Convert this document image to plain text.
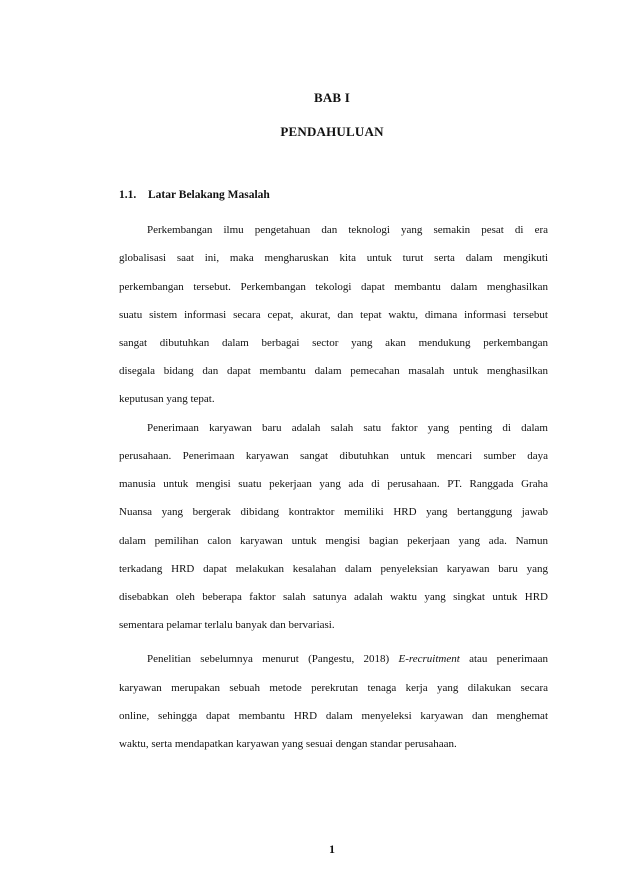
BAB I
PENDAHULUAN
1.1. Latar Belakang Masalah
Perkembangan ilmu pengetahuan dan teknologi yang semakin pesat di era
globalisasi saat ini, maka mengharuskan kita untuk turut serta dalam mengikuti
perkembangan tersebut. Perkembangan tekologi dapat membantu dalam menghasilkan
suatu sistem informasi secara cepat, akurat, dan tepat waktu, dimana informasi tersebut
sangat dibutuhkan dalam berbagai sector yang akan mendukung perkembangan
disegala bidang dan dapat membantu dalam pemecahan masalah untuk menghasilkan
keputusan yang tepat.
Penerimaan karyawan baru adalah salah satu faktor yang penting di dalam
perusahaan. Penerimaan karyawan sangat dibutuhkan untuk mencari sumber daya
manusia untuk mengisi suatu pekerjaan yang ada di perusahaan. PT. Ranggada Graha
Nuansa yang bergerak dibidang kontraktor memiliki HRD yang bertanggung jawab
dalam pemilihan calon karyawan untuk mengisi bagian pekerjaan yang ada. Namun
terkadang HRD dapat melakukan kesalahan dalam penyeleksian karyawan baru yang
disebabkan oleh beberapa faktor salah satunya adalah waktu yang singkat untuk HRD
sementara pelamar terlalu banyak dan bervariasi.
Penelitian sebelumnya menurut (Pangestu, 2018) E-recruitment atau penerimaan
karyawan merupakan sebuah metode perekrutan tenaga kerja yang dilakukan secara
online, sehingga dapat membantu HRD dalam menyeleksi karyawan dan menghemat
waktu, serta mendapatkan karyawan yang sesuai dengan standar perusahaan.
1
